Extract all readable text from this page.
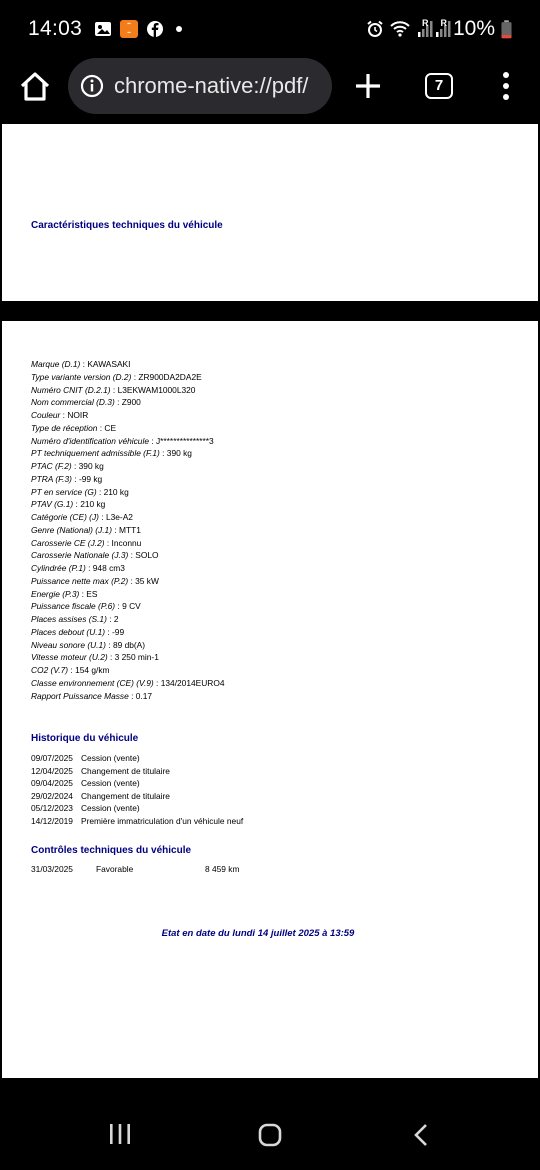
14:03	▪▪
▪▪
R R 10%
chrome-native://pdf/	7
Caractéristiques techniques du véhicule
Marque (D.1) : KAWASAKI
Type variante version (D.2) : ZR900DA2DA2E
Numéro CNIT (D.2.1) : L3EKWAM1000L320
Nom commercial (D.3) : Z900
Couleur : NOIR
Type de réception : CE
Numéro d'identification véhicule : J***************3
PT techniquement admissible (F.1) : 390 kg
PTAC (F.2) : 390 kg
PTRA (F.3) : -99 kg
PT en service (G) : 210 kg
PTAV (G.1) : 210 kg
Catégorie (CE) (J) : L3e-A2
Genre (National) (J.1) : MTT1
Carosserie CE (J.2) : Inconnu
Carosserie Nationale (J.3) : SOLO
Cylindrée (P.1) : 948 cm3
Puissance nette max (P.2) : 35 kW
Energie (P.3) : ES
Puissance fiscale (P.6) : 9 CV
Places assises (S.1) : 2
Places debout (U.1) : -99
Niveau sonore (U.1) : 89 db(A)
Vitesse moteur (U.2) : 3 250 min-1
CO2 (V.7) : 154 g/km
Classe environnement (CE) (V.9) : 134/2014EURO4
Rapport Puissance Masse : 0.17
Historique du véhicule
09/07/2025 Cession (vente)
12/04/2025 Changement de titulaire
09/04/2025 Cession (vente)
29/02/2024 Changement de titulaire
05/12/2023 Cession (vente)
14/12/2019 Première immatriculation d'un véhicule neuf
Contrôles techniques du véhicule
31/03/2025	Favorable	8 459 km
Etat en date du lundi 14 juillet 2025 à 13:59
